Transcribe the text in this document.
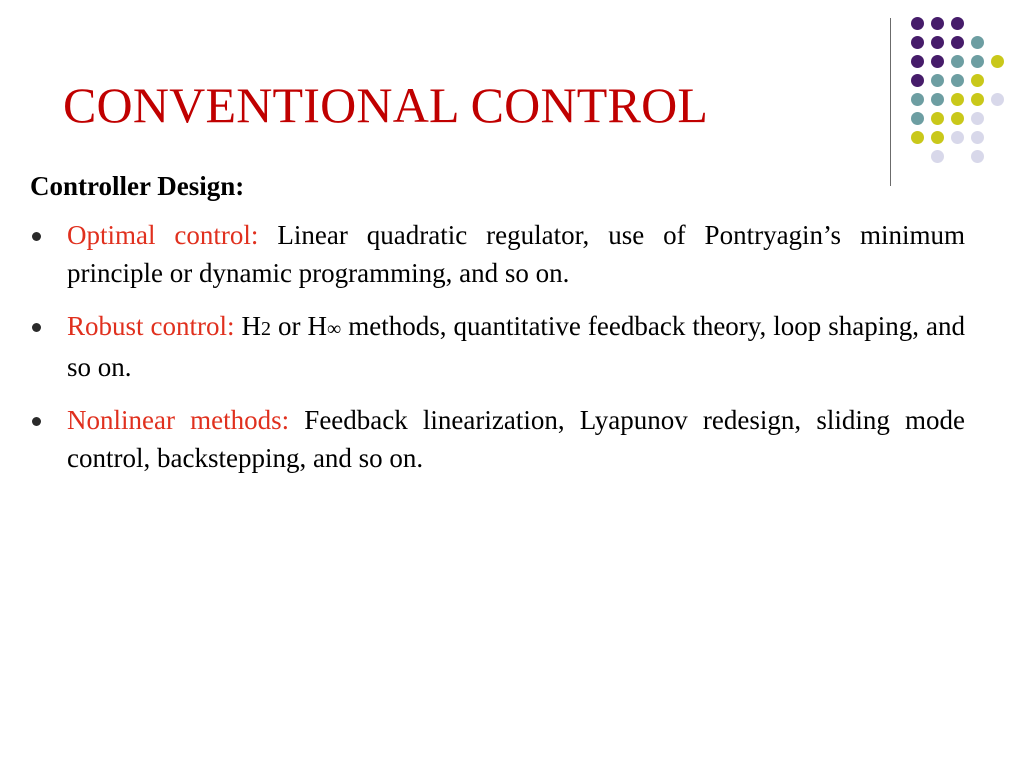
CONVENTIONAL CONTROL
Controller Design:
Optimal control: Linear quadratic regulator, use of Pontryagin’s minimum principle or dynamic programming, and so on.
Robust control: H2 or H∞ methods, quantitative feedback theory, loop shaping, and so on.
Nonlinear methods: Feedback linearization, Lyapunov redesign, sliding mode control, backstepping, and so on.
